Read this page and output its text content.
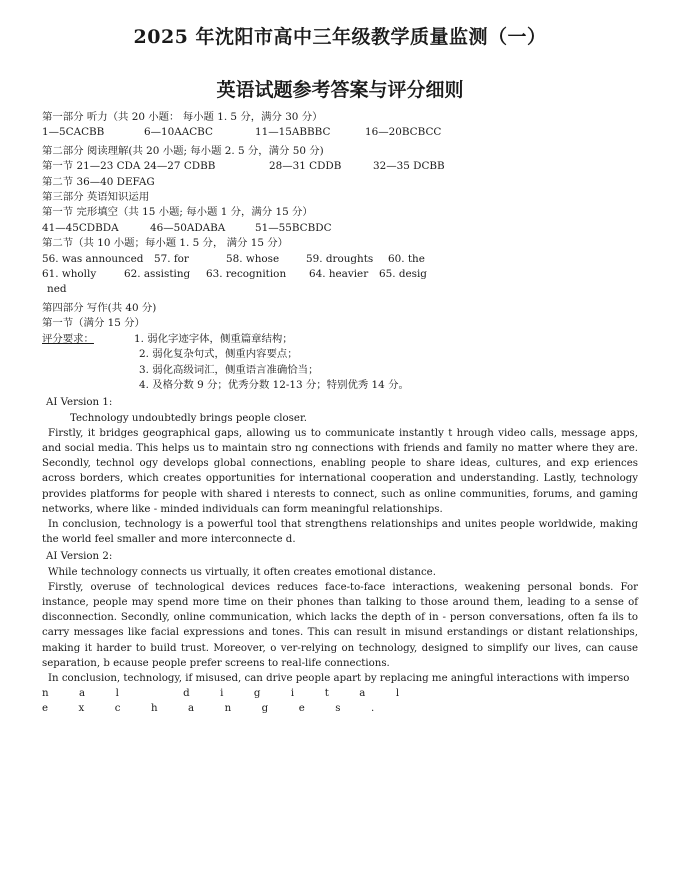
2025 年沈阳市高中三年级教学质量监测（一）
英语试题参考答案与评分细则
第一部分 听力（共 20 小题： 每小题 1. 5 分，满分 30 分）
1—5CACBB	6—10AACBC	11—15ABBBC	16—20BCBCC
第二部分 阅读理解(共 20 小题; 每小题 2. 5 分，满分 50 分)
第一节 21—23 CDA 24—27 CDBB	28—31 CDDB	32—35 DCBB
第二节 36—40 DEFAG
第三部分 英语知识运用
第一节 完形填空（共 15 小题; 每小题 1 分，满分 15 分）
41—45CDBDA	46—50ADABA	51—55BCBDC
第二节（共 10 小题；每小题 1. 5 分， 满分 15 分）
56. was announced 57. for	58. whose	59. droughts 60. the
61. wholly	62. assisting 63. recognition 64. heavier 65. desig
ned
第四部分 写作(共 40 分)
第一节（满分 15 分）
评分要求：	1. 弱化字迹字体，侧重篇章结构；
2. 弱化复杂句式，侧重内容要点；
3. 弱化高级词汇，侧重语言准确恰当；
4. 及格分数 9 分；优秀分数 12-13 分；特别优秀 14 分。

AI Version 1:

Technology undoubtedly brings people closer.

Firstly, it bridges geographical gaps, allowing us to communicate instantly t hrough video calls, message apps, and social media. This helps us to maintain stro ng connections with friends and family no matter where they are. Secondly, technol ogy develops global connections, enabling people to share ideas, cultures, and exp eriences across borders, which creates opportunities for international cooperation and understanding. Lastly, technology provides platforms for people with shared i nterests to connect, such as online communities, forums, and gaming networks, where like - minded individuals can form meaningful relationships.

In conclusion, technology is a powerful tool that strengthens relationships and unites people worldwide, making the world feel smaller and more interconnecte d.

AI Version 2:

While technology connects us virtually, it often creates emotional distance.

Firstly, overuse of technological devices reduces face-to-face interactions, weakening personal bonds. For instance, people may spend more time on their phones than talking to those around them, leading to a sense of disconnection. Secondly, online communication, which lacks the depth of in - person conversations, often fa ils to carry messages like facial expressions and tones. This can result in misund erstandings or distant relationships, making it harder to build trust. Moreover, o ver-relying on technology, designed to simplify our lives, can cause separation, b ecause people prefer screens to real-life connections.

In conclusion, technology, if misused, can drive people apart by replacing me aningful interactions with imperso

nal digital exchanges.
